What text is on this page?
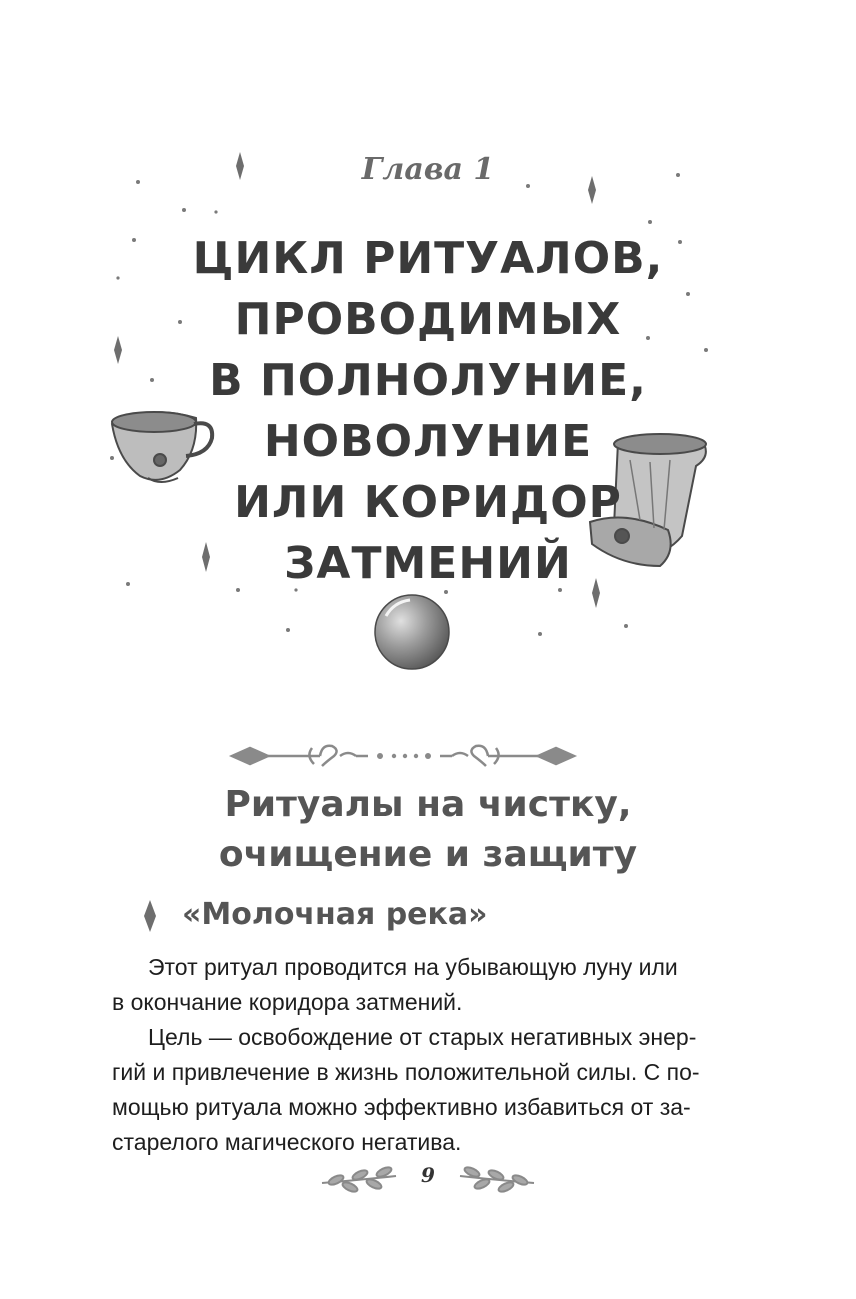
Глава 1
ЦИКЛ РИТУАЛОВ,
ПРОВОДИМЫХ
В ПОЛНОЛУНИЕ,
НОВОЛУНИЕ
ИЛИ КОРИДОР
ЗАТМЕНИЙ
Ритуалы на чистку,
очищение и защиту
«Молочная река»
Этот ритуал проводится на убывающую луну или
в окончание коридора затмений.
Цель — освобождение от старых негативных энер-
гий и привлечение в жизнь положительной силы. С по-
мощью ритуала можно эффективно избавиться от за-
старелого магического негатива.
9
